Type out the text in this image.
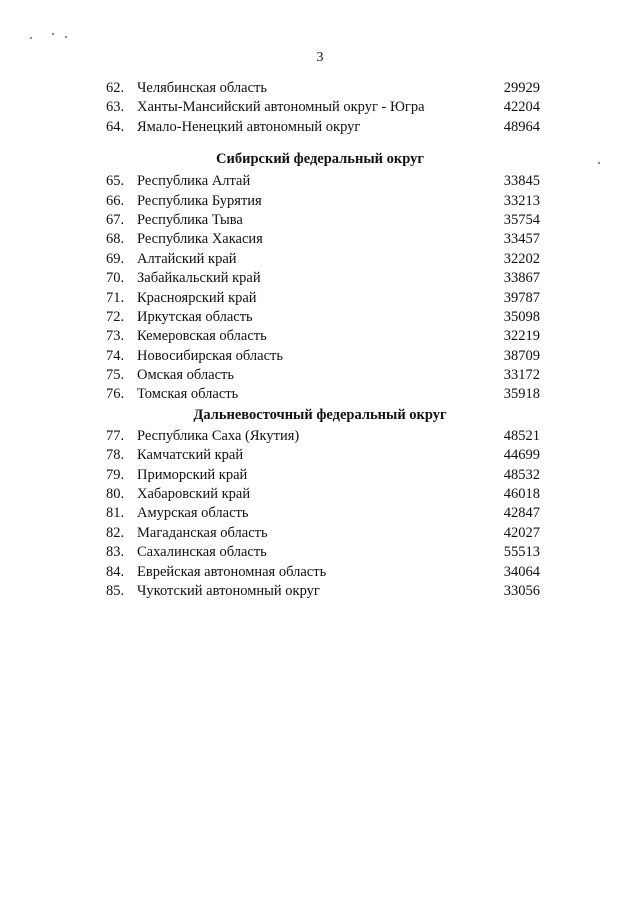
3
62. Челябинская область	29929
63. Ханты-Мансийский автономный округ - Югра	42204
64. Ямало-Ненецкий автономный округ	48964
Сибирский федеральный округ
65. Республика Алтай	33845
66. Республика Бурятия	33213
67. Республика Тыва	35754
68. Республика Хакасия	33457
69. Алтайский край	32202
70. Забайкальский край	33867
71. Красноярский край	39787
72. Иркутская область	35098
73. Кемеровская область	32219
74. Новосибирская область	38709
75. Омская область	33172
76. Томская область	35918
Дальневосточный федеральный округ
77. Республика Саха (Якутия)	48521
78. Камчатский край	44699
79. Приморский край	48532
80. Хабаровский край	46018
81. Амурская область	42847
82. Магаданская область	42027
83. Сахалинская область	55513
84. Еврейская автономная область	34064
85. Чукотский автономный округ	33056
